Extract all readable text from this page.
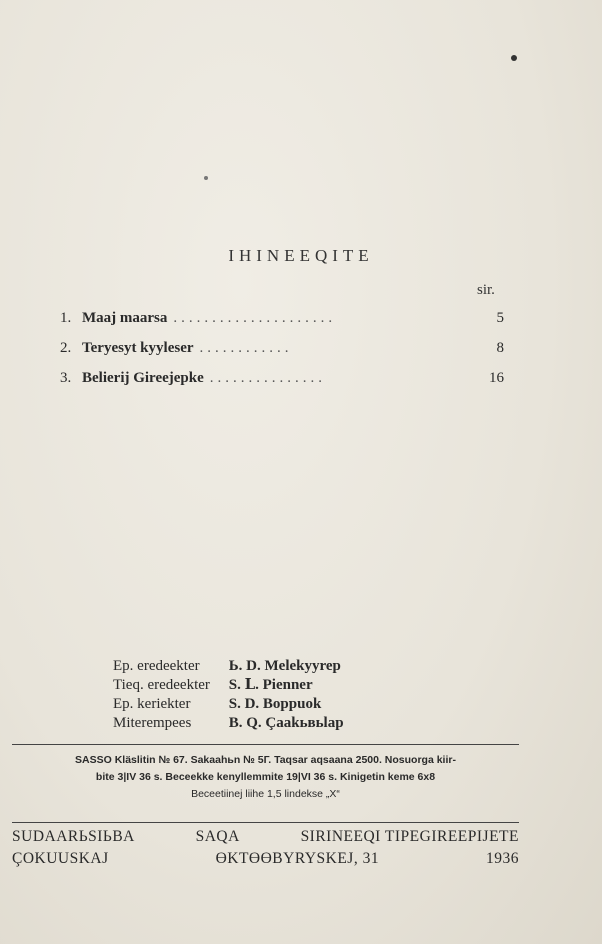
IHINEEQITE
sir.
1. Maaj maarsa .....................	5
2. Teryesyt kyyleser ............	8
3. Belierij Gireejepke ...............	16
Ep. eredeekter Ь. D. Melekyyrep
Tieq. eredeekter S. Ⅼ. Pienner
Ep. keriekter	S. D. Boppuok
Miterempees B. Q. Çaakьвьlap
SASSO Kläslitin № 67. Sakaahьn № 5Г. Taqsar aqsaana 2500. Nosuorga kiir-
bite 3|IV 36 s. Beceekke kenyllemmite 19|VI 36 s. Kinigetin keme 6x8
Beceetiinej liihe 1,5 lindekse „X“
SUDAARЬSIЬBA	SAQA	SIRINEEQI TIPEGIREEPIJETE
ÇOKUUSKAJ	ƟKTƟƟBYRYSKEJ, 31	1936
